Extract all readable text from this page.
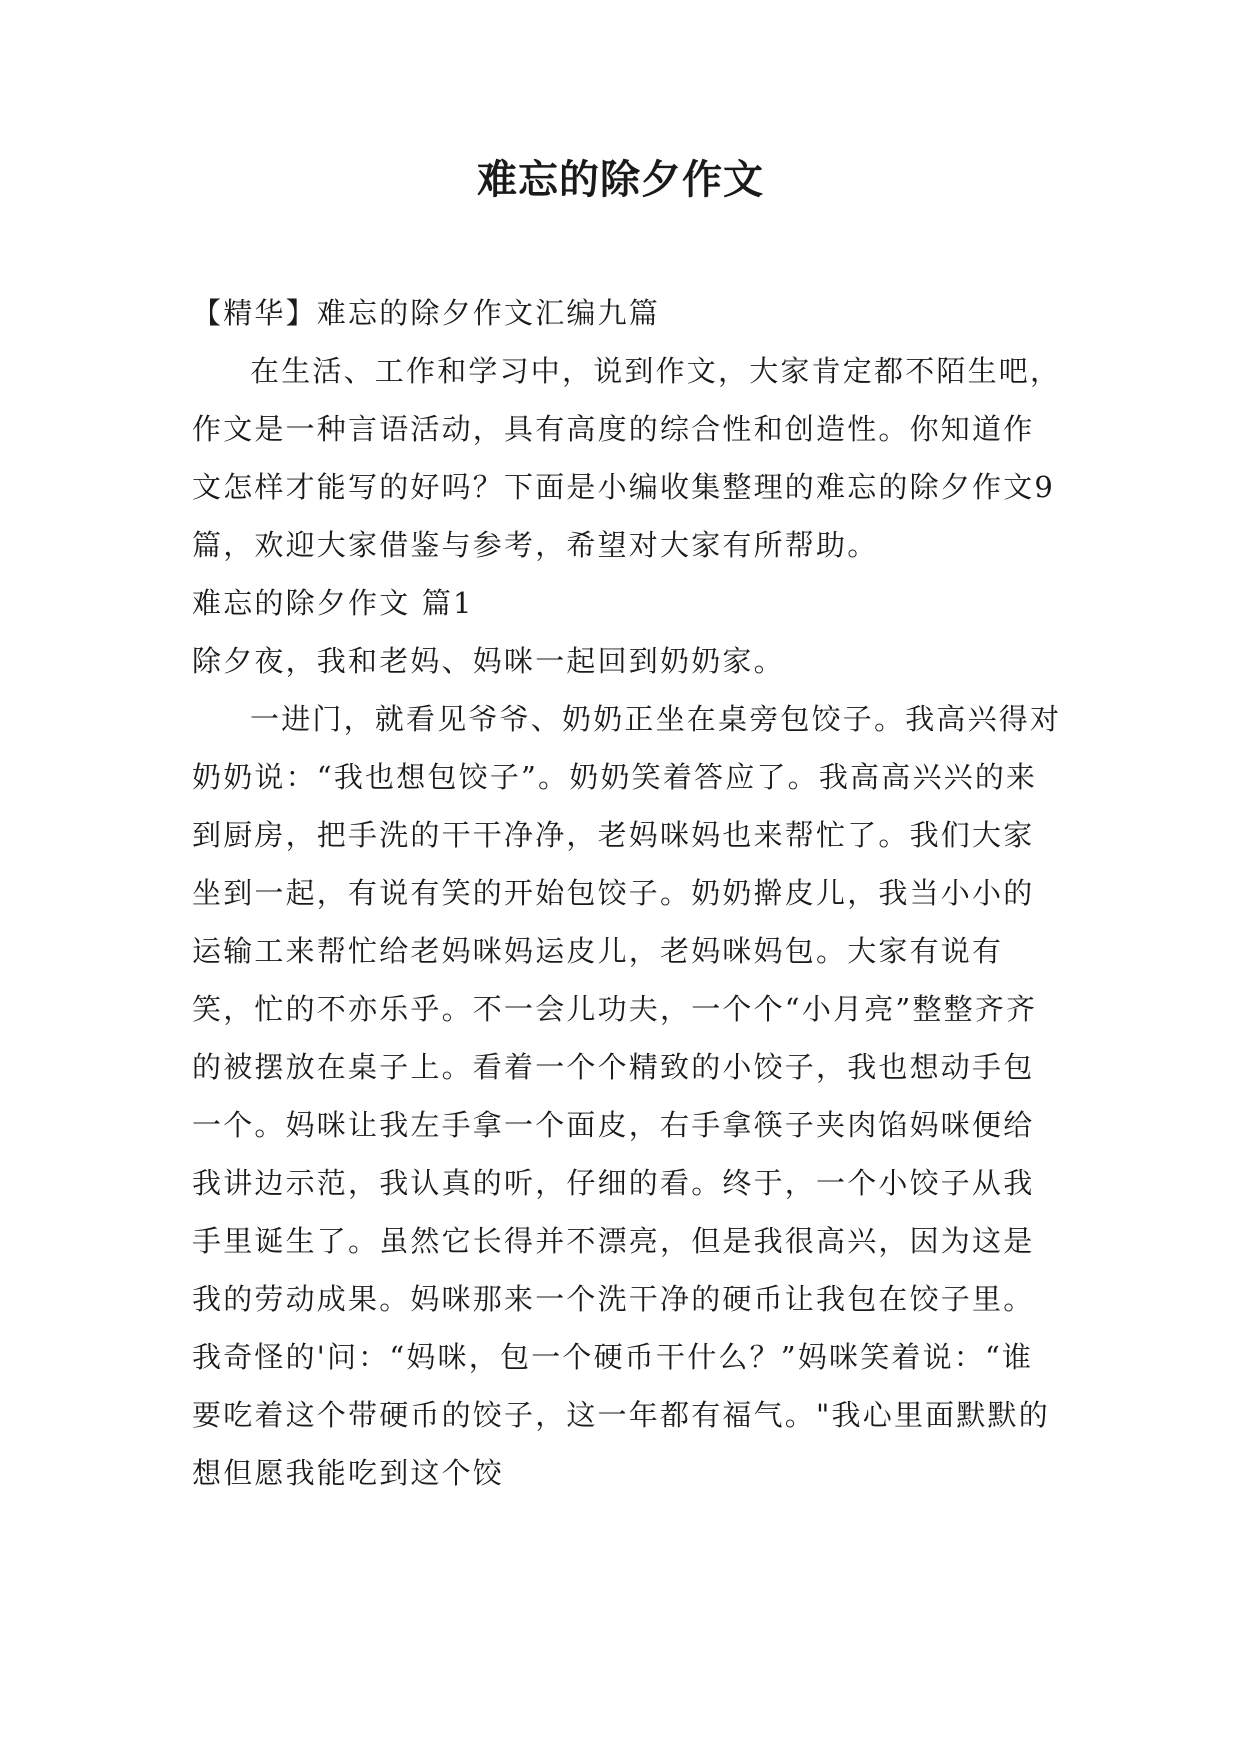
难忘的除夕作文

【精华】难忘的除夕作文汇编九篇

在生活、工作和学习中，说到作文，大家肯定都不陌生吧，作文是一种言语活动，具有高度的综合性和创造性。你知道作文怎样才能写的好吗？下面是小编收集整理的难忘的除夕作文9篇，欢迎大家借鉴与参考，希望对大家有所帮助。

难忘的除夕作文 篇1

除夕夜，我和老妈、妈咪一起回到奶奶家。

一进门，就看见爷爷、奶奶正坐在桌旁包饺子。我高兴得对奶奶说：“我也想包饺子”。奶奶笑着答应了。我高高兴兴的来到厨房，把手洗的干干净净，老妈咪妈也来帮忙了。我们大家坐到一起，有说有笑的开始包饺子。奶奶擀皮儿，我当小小的运输工来帮忙给老妈咪妈运皮儿，老妈咪妈包。大家有说有笑，忙的不亦乐乎。不一会儿功夫，一个个“小月亮”整整齐齐的被摆放在桌子上。看着一个个精致的小饺子，我也想动手包一个。妈咪让我左手拿一个面皮，右手拿筷子夹肉馅妈咪便给我讲边示范，我认真的听，仔细的看。终于，一个小饺子从我手里诞生了。虽然它长得并不漂亮，但是我很高兴，因为这是我的劳动成果。妈咪那来一个洗干净的硬币让我包在饺子里。我奇怪的'问：“妈咪，包一个硬币干什么？”妈咪笑着说：“谁要吃着这个带硬币的饺子，这一年都有福气。"我心里面默默的想但愿我能吃到这个饺
